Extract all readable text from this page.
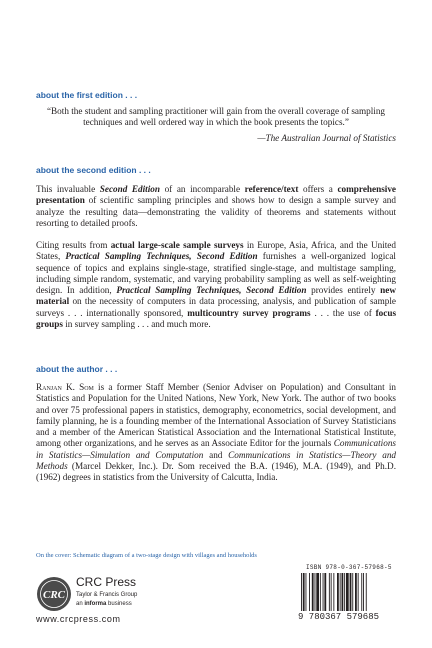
about the first edition . . .

“Both the student and sampling practitioner will gain from the overall coverage of sampling techniques and well ordered way in which the book presents the topics.”

—The Australian Journal of Statistics
about the second edition . . .

This invaluable Second Edition of an incomparable reference/text offers a comprehensive presentation of scientific sampling principles and shows how to design a sample survey and analyze the resulting data—demonstrating the validity of theorems and statements without resorting to detailed proofs.

Citing results from actual large-scale sample surveys in Europe, Asia, Africa, and the United States, Practical Sampling Techniques, Second Edition furnishes a well-organized logical sequence of topics and explains single-stage, stratified single-stage, and multistage sampling, including simple random, systematic, and varying probability sampling as well as self-weighting design. In addition, Practical Sampling Techniques, Second Edition provides entirely new material on the necessity of computers in data processing, analysis, and publication of sample surveys . . . internationally sponsored, multicountry survey programs . . . the use of focus groups in survey sampling . . . and much more.

about the author . . .

Ranjan K. Som is a former Staff Member (Senior Adviser on Population) and Consultant in Statistics and Population for the United Nations, New York, New York. The author of two books and over 75 professional papers in statistics, demography, econometrics, social development, and family planning, he is a founding member of the International Association of Survey Statisticians and a member of the American Statistical Association and the International Statistical Institute, among other organizations, and he serves as an Associate Editor for the journals Communications in Statistics—Simulation and Computation and Communications in Statistics—Theory and Methods (Marcel Dekker, Inc.). Dr. Som received the B.A. (1946), M.A. (1949), and Ph.D. (1962) degrees in statistics from the University of Calcutta, India.

On the cover: Schematic diagram of a two-stage design with villages and households
CRC
CRC Press
Taylor & Francis Group
an informa business
www.crcpress.com
ISBN 978-0-367-57968-5
9 780367 579685
